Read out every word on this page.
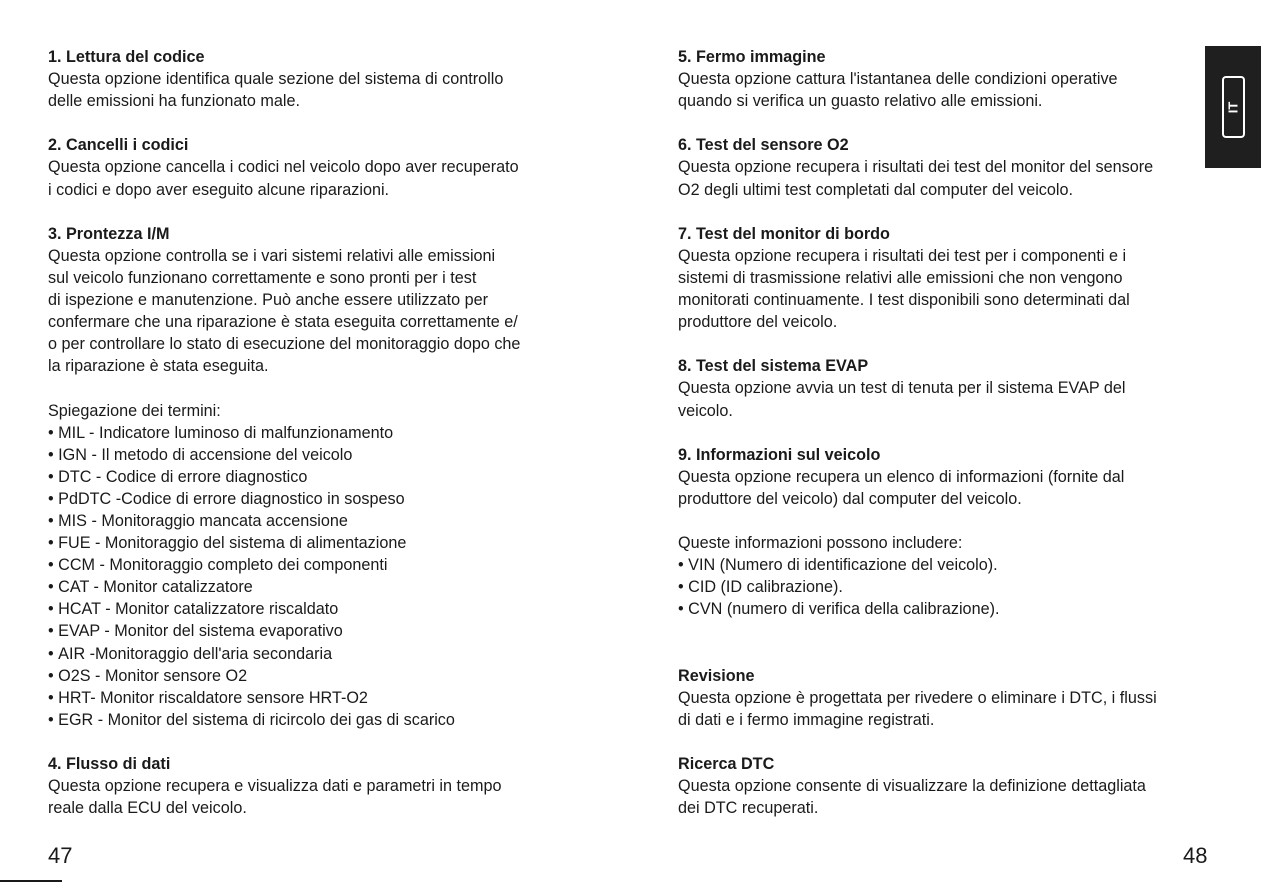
1. Lettura del codice
Questa opzione identifica quale sezione del sistema di controllo
delle emissioni ha funzionato male.
2. Cancelli i codici
Questa opzione cancella i codici nel veicolo dopo aver recuperato
i codici e dopo aver eseguito alcune riparazioni.
3. Prontezza I/M
Questa opzione controlla se i vari sistemi relativi alle emissioni
sul veicolo funzionano correttamente e sono pronti per i test
di ispezione e manutenzione. Può anche essere utilizzato per
confermare che una riparazione è stata eseguita correttamente e/
o per controllare lo stato di esecuzione del monitoraggio dopo che
la riparazione è stata eseguita.
Spiegazione dei termini:
• MIL - Indicatore luminoso di malfunzionamento
• IGN - Il metodo di accensione del veicolo
• DTC - Codice di errore diagnostico
• PdDTC -Codice di errore diagnostico in sospeso
• MIS - Monitoraggio mancata accensione
• FUE - Monitoraggio del sistema di alimentazione
• CCM - Monitoraggio completo dei componenti
• CAT - Monitor catalizzatore
• HCAT - Monitor catalizzatore riscaldato
• EVAP - Monitor del sistema evaporativo
• AIR -Monitoraggio dell'aria secondaria
• O2S - Monitor sensore O2
• HRT- Monitor riscaldatore sensore HRT-O2
• EGR - Monitor del sistema di ricircolo dei gas di scarico
4. Flusso di dati
Questa opzione recupera e visualizza dati e parametri in tempo
reale dalla ECU del veicolo.
47
5. Fermo immagine
Questa opzione cattura l'istantanea delle condizioni operative
quando si verifica un guasto relativo alle emissioni.
6. Test del sensore O2
Questa opzione recupera i risultati dei test del monitor del sensore
O2 degli ultimi test completati dal computer del veicolo.
7. Test del monitor di bordo
Questa opzione recupera i risultati dei test per i componenti e i
sistemi di trasmissione relativi alle emissioni che non vengono
monitorati continuamente. I test disponibili sono determinati dal
produttore del veicolo.
8. Test del sistema EVAP
Questa opzione avvia un test di tenuta per il sistema EVAP del
veicolo.
9. Informazioni sul veicolo
Questa opzione recupera un elenco di informazioni (fornite dal
produttore del veicolo) dal computer del veicolo.
Queste informazioni possono includere:
• VIN (Numero di identificazione del veicolo).
• CID (ID calibrazione).
• CVN (numero di verifica della calibrazione).
Revisione
Questa opzione è progettata per rivedere o eliminare i DTC, i flussi
di dati e i fermo immagine registrati.
Ricerca DTC
Questa opzione consente di visualizzare la definizione dettagliata
dei DTC recuperati.
48
IT
